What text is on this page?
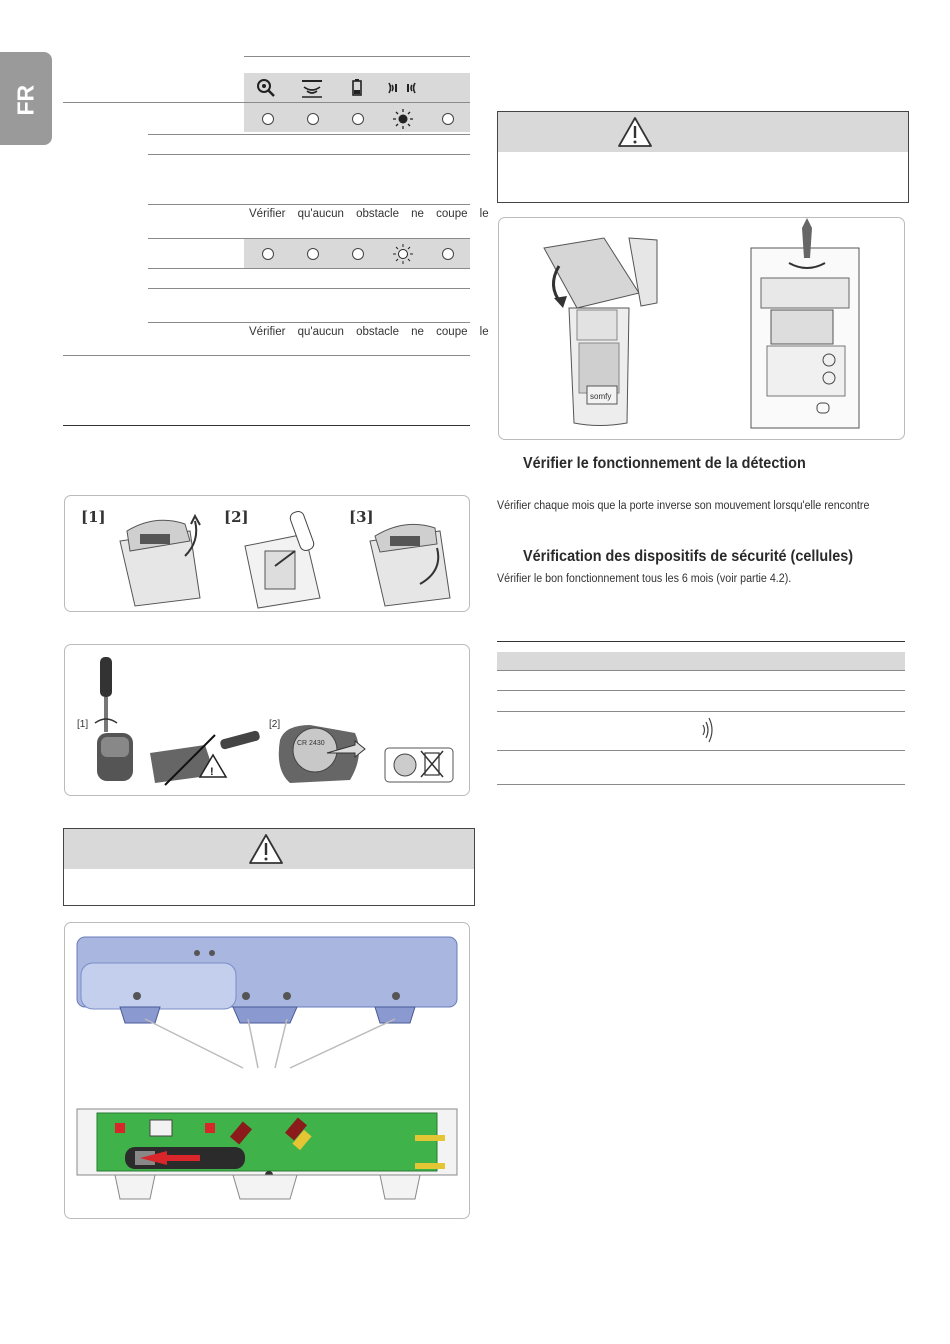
FR
Vérifier qu'aucun obstacle ne coupe le
Vérifier qu'aucun obstacle ne coupe le
[1]	[2]	[3]
[1]	[2]
!
CR 2430
somfy
Vérifier le fonctionnement de la détection
Vérifier chaque mois que la porte inverse son mouvement lorsqu'elle rencontre
Vérification des dispositifs de sécurité (cellules)
Vérifier le bon fonctionnement tous les 6 mois (voir partie 4.2).
